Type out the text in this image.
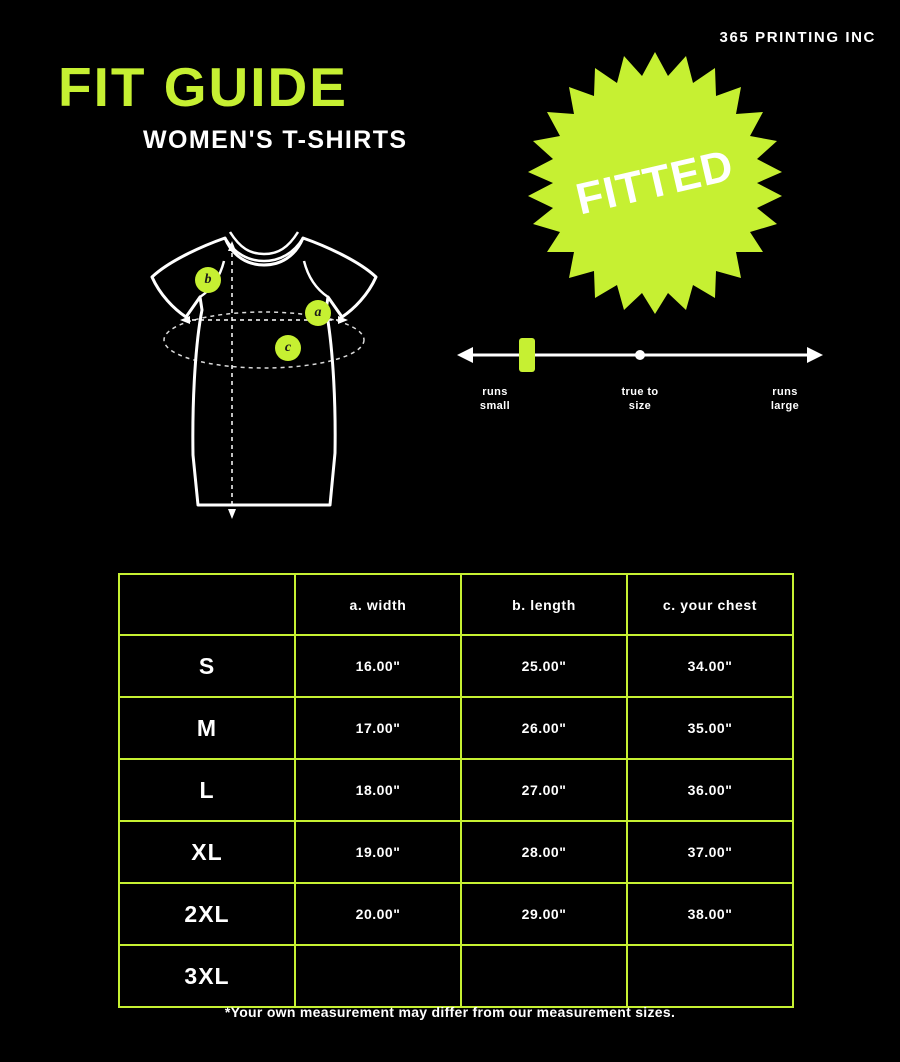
365 PRINTING INC
FIT GUIDE
WOMEN'S T-SHIRTS
a
b
c
FITTED
runs
small
true to
size
runs
large
	a. width	b. length	c. your chest
S	16.00"	25.00"	34.00"
M	17.00"	26.00"	35.00"
L	18.00"	27.00"	36.00"
XL	19.00"	28.00"	37.00"
2XL	20.00"	29.00"	38.00"
3XL			
*Your own measurement may differ from our measurement sizes.
